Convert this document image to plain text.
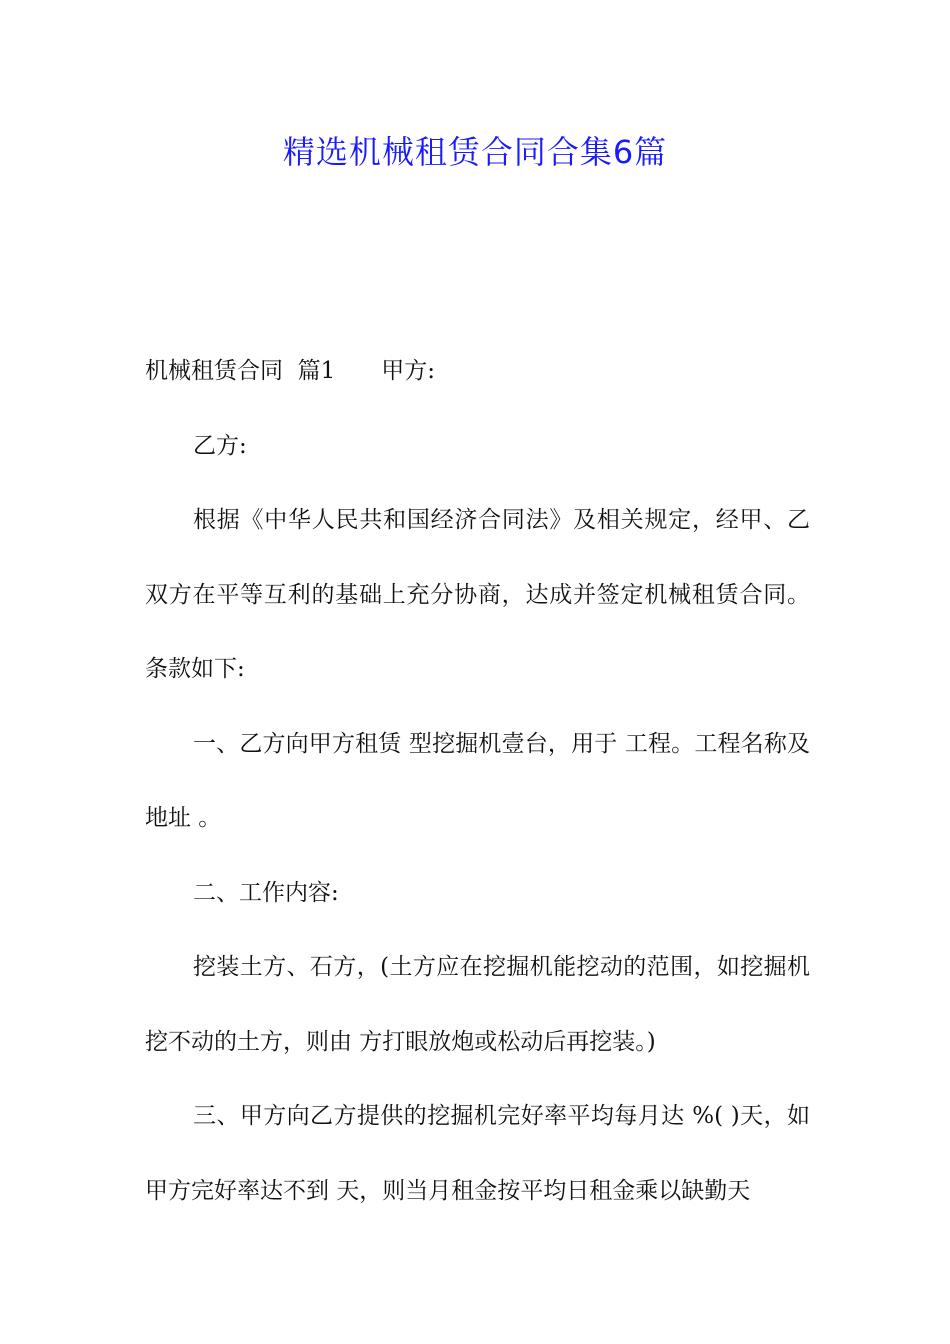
精选机械租赁合同合集6篇

机械租赁合同 篇1 甲方:

乙方:

根据《中华人民共和国经济合同法》及相关规定，经甲、乙双方在平等互利的基础上充分协商，达成并签定机械租赁合同。条款如下:

一、乙方向甲方租赁 型挖掘机壹台，用于 工程。工程名称及地址 。

二、工作内容:

挖装土方、石方，(土方应在挖掘机能挖动的范围，如挖掘机挖不动的土方，则由 方打眼放炮或松动后再挖装。)

三、甲方向乙方提供的挖掘机完好率平均每月达 %( )天，如甲方完好率达不到 天，则当月租金按平均日租金乘以缺勤天
